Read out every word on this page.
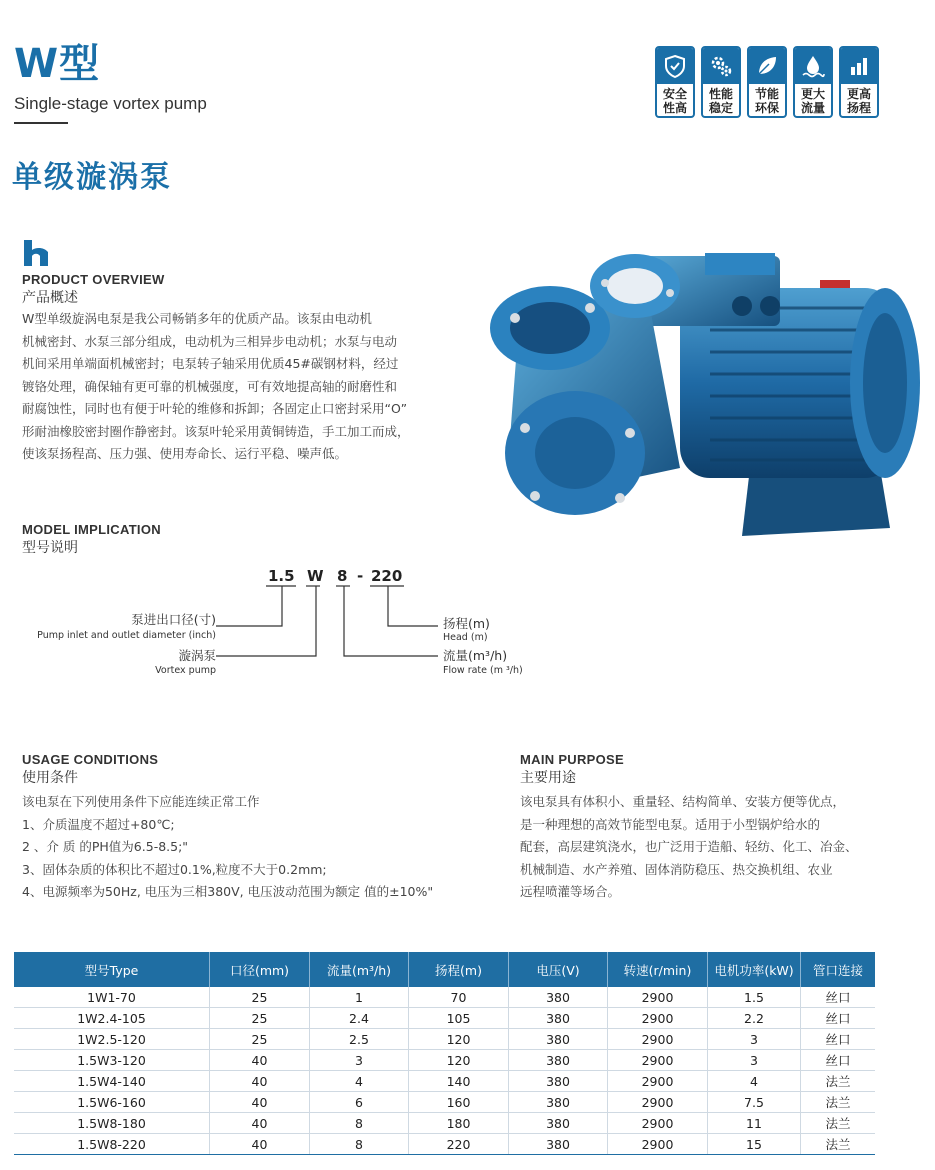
W型
Single-stage vortex pump
单级漩涡泵
安全性高
性能稳定
节能环保
更大流量
更高扬程
PRODUCT OVERVIEW
产品概述
W型单级旋涡电泵是我公司畅销多年的优质产品。该泵由电动机
机械密封、水泵三部分组成，电动机为三相异步电动机；水泵与电动
机间采用单端面机械密封；电泵转子轴采用优质45#碳钢材料，经过
镀铬处理，确保轴有更可靠的机械强度，可有效地提高轴的耐磨性和
耐腐蚀性，同时也有便于叶轮的维修和拆卸；各固定止口密封采用“O”
形耐油橡胶密封圈作静密封。该泵叶轮采用黄铜铸造，手工加工而成，
使该泵扬程高、压力强、使用寿命长、运行平稳、噪声低。
MODEL IMPLICATION
型号说明
1.5 W 8 - 220
泵进出口径(寸)
Pump inlet and outlet diameter (inch)
漩涡泵
Vortex pump
扬程(m)
Head (m)
流量(m³/h)
Flow rate (m ³/h)
USAGE CONDITIONS
使用条件
该电泵在下列使用条件下应能连续正常工作
1、介质温度不超过+80℃;
2 、介 质 的PH值为6.5-8.5;"
3、固体杂质的体积比不超过0.1%,粒度不大于0.2mm;
4、电源频率为50Hz, 电压为三相380V, 电压波动范围为额定 值的±10%"
MAIN PURPOSE
主要用途
该电泵具有体积小、重量轻、结构简单、安装方便等优点，
是一种理想的高效节能型电泵。适用于小型锅炉给水的
配套，高层建筑浇水，也广泛用于造船、轻纺、化工、冶金、
机械制造、水产养殖、固体消防稳压、热交换机组、农业
远程喷灌等场合。
型号Type	口径(mm)	流量(m³/h)	扬程(m)	电压(V)	转速(r/min)	电机功率(kW)	管口连接
1W1-70	25	1	70	380	2900	1.5	丝口
1W2.4-105	25	2.4	105	380	2900	2.2	丝口
1W2.5-120	25	2.5	120	380	2900	3	丝口
1.5W3-120	40	3	120	380	2900	3	丝口
1.5W4-140	40	4	140	380	2900	4	法兰
1.5W6-160	40	6	160	380	2900	7.5	法兰
1.5W8-180	40	8	180	380	2900	11	法兰
1.5W8-220	40	8	220	380	2900	15	法兰
